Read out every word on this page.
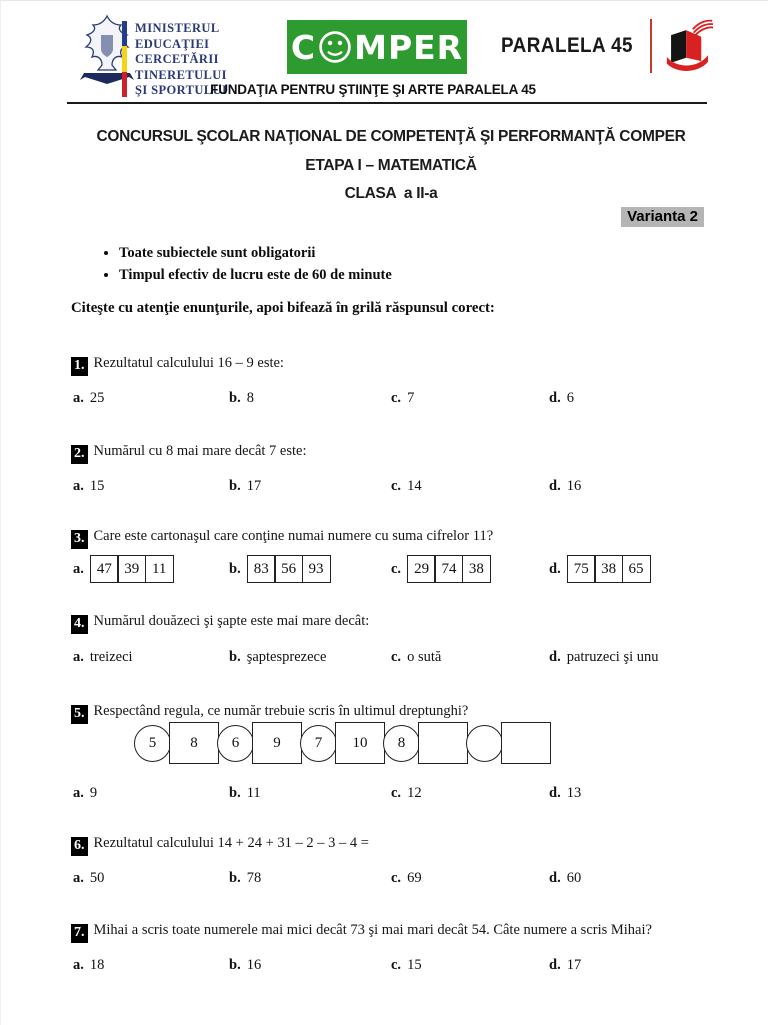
MINISTERUL
EDUCAŢIEI
CERCETĂRII
TINERETULUI
ŞI SPORTULUI
C MPER PARALELA 45
FUNDAŢIA PENTRU ŞTIINŢE ŞI ARTE PARALELA 45
CONCURSUL ŞCOLAR NAŢIONAL DE COMPETENŢĂ ŞI PERFORMANŢĂ COMPER
ETAPA I – MATEMATICĂ
CLASA  a II-a
Varianta 2
• Toate subiectele sunt obligatorii
• Timpul efectiv de lucru este de 60 de minute
Citeşte cu atenţie enunţurile, apoi bifează în grilă răspunsul corect:
1. Rezultatul calculului 16 – 9 este:
a. 25	b. 8	c. 7	d. 6
2. Numărul cu 8 mai mare decât 7 este:
a. 15	b. 17	c. 14	d. 16
3. Care este cartonaşul care conţine numai numere cu suma cifrelor 11?
a. 47 39 11	b. 83 56 93	c. 29 74 38	d. 75 38 65
4. Numărul douăzeci şi şapte este mai mare decât:
a. treizeci	b. şaptesprezece	c. o sută	d. patruzeci şi unu
5. Respectând regula, ce număr trebuie scris în ultimul dreptunghi?
5 8 6 9 7 10 8
a. 9	b. 11	c. 12	d. 13
6. Rezultatul calculului 14 + 24 + 31 – 2 – 3 – 4 =
a. 50	b. 78	c. 69	d. 60
7. Mihai a scris toate numerele mai mici decât 73 şi mai mari decât 54. Câte numere a scris Mihai?
a. 18	b. 16	c. 15	d. 17
